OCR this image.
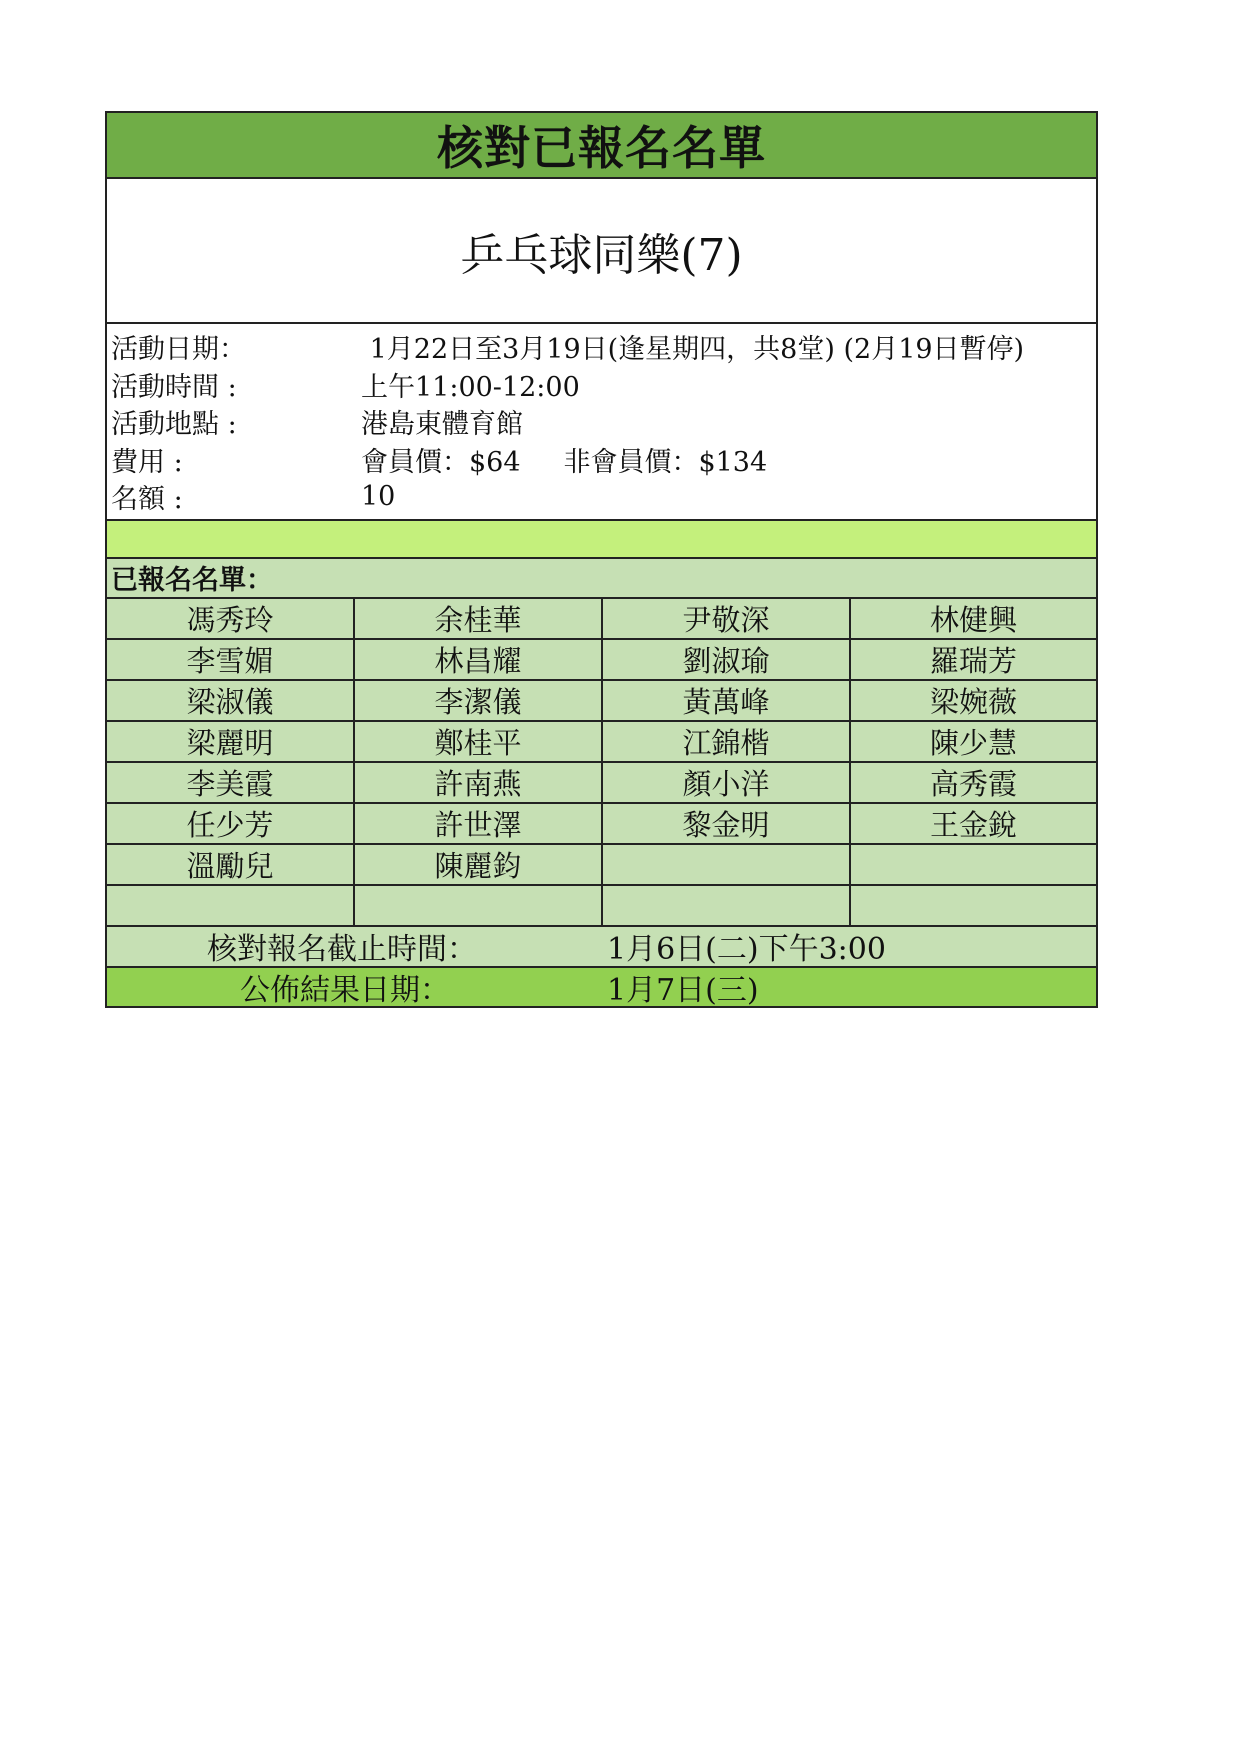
核對已報名名單
乒乓球同樂(7)
活動日期：	1月22日至3月19日(逢星期四，共8堂) (2月19日暫停)
活動時間 :	上午11:00-12:00
活動地點 :	港島東體育館
費用 :	會員價：$64     非會員價：$134
名額 :	10
已報名名單：
馮秀玲	余桂華	尹敬深	林健興
李雪媚	林昌耀	劉淑瑜	羅瑞芳
梁淑儀	李潔儀	黃萬峰	梁婉薇
梁麗明	鄭桂平	江錦楷	陳少慧
李美霞	許南燕	顏小洋	高秀霞
任少芳	許世澤	黎金明	王金銳
溫勵兒	陳麗鈞
核對報名截止時間：	1月6日(二)下午3:00
公佈結果日期：	1月7日(三)
